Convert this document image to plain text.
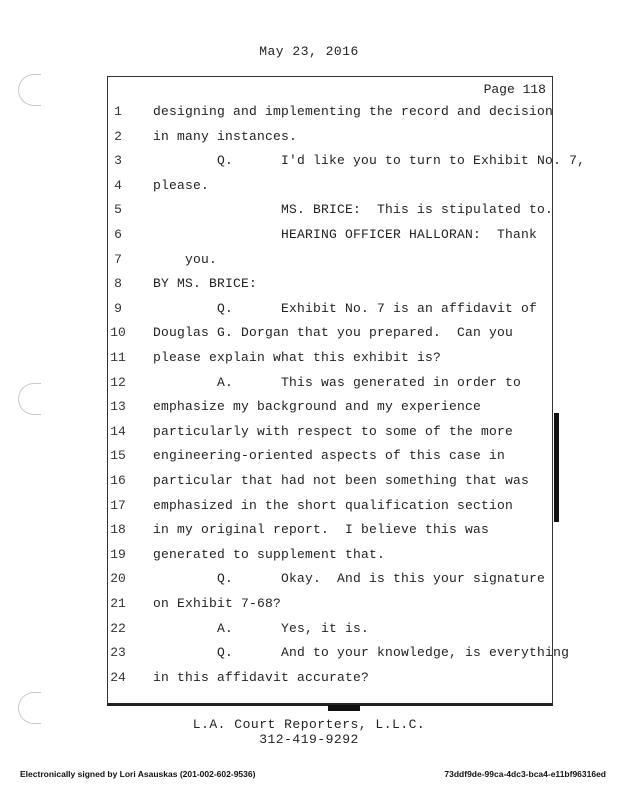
May 23, 2016
Page 118
1	designing and implementing the record and decision
2	in many instances.
3	Q.      I'd like you to turn to Exhibit No. 7,
4	please.
5	MS. BRICE:  This is stipulated to.
6	HEARING OFFICER HALLORAN:  Thank
7	you.
8	BY MS. BRICE:
9	Q.      Exhibit No. 7 is an affidavit of
10	Douglas G. Dorgan that you prepared.  Can you
11	please explain what this exhibit is?
12	A.      This was generated in order to
13	emphasize my background and my experience
14	particularly with respect to some of the more
15	engineering-oriented aspects of this case in
16	particular that had not been something that was
17	emphasized in the short qualification section
18	in my original report.  I believe this was
19	generated to supplement that.
20	Q.      Okay.  And is this your signature
21	on Exhibit 7-68?
22	A.      Yes, it is.
23	Q.      And to your knowledge, is everything
24	in this affidavit accurate?
L.A. Court Reporters, L.L.C.
312-419-9292
Electronically signed by Lori Asauskas (201-002-602-9536)	73ddf9de-99ca-4dc3-bca4-e11bf96316ed
